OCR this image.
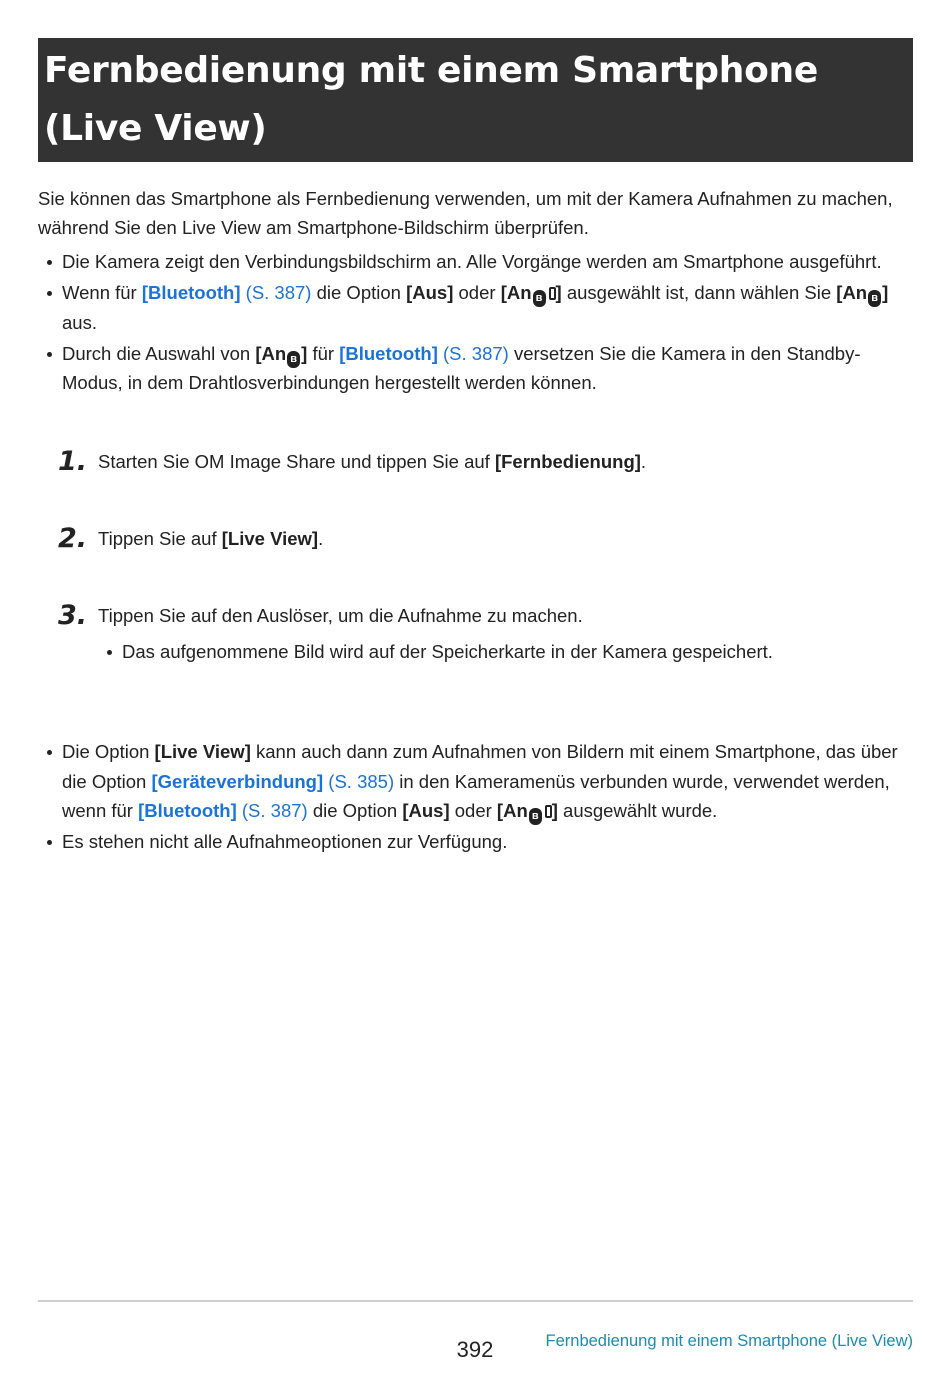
Fernbedienung mit einem Smartphone (Live View)

Sie können das Smartphone als Fernbedienung verwenden, um mit der Kamera Aufnahmen zu machen, während Sie den Live View am Smartphone-Bildschirm überprüfen.

Die Kamera zeigt den Verbindungsbildschirm an. Alle Vorgänge werden am Smartphone ausgeführt.
Wenn für [Bluetooth] (S. 387) die Option [Aus] oder [An ʙ ] ausgewählt ist, dann wählen Sie [An ʙ ] aus.
Durch die Auswahl von [An ʙ ] für [Bluetooth] (S. 387) versetzen Sie die Kamera in den Standby-Modus, in dem Drahtlosverbindungen hergestellt werden können.
1. Starten Sie OM Image Share und tippen Sie auf [Fernbedienung].
2. Tippen Sie auf [Live View].
3. Tippen Sie auf den Auslöser, um die Aufnahme zu machen.
Das aufgenommene Bild wird auf der Speicherkarte in der Kamera gespeichert.
Die Option [Live View] kann auch dann zum Aufnahmen von Bildern mit einem Smartphone, das über die Option [Geräteverbindung] (S. 385) in den Kameramenüs verbunden wurde, verwendet werden, wenn für [Bluetooth] (S. 387) die Option [Aus] oder [An ʙ ] ausgewählt wurde.
Es stehen nicht alle Aufnahmeoptionen zur Verfügung.
392	Fernbedienung mit einem Smartphone (Live View)
